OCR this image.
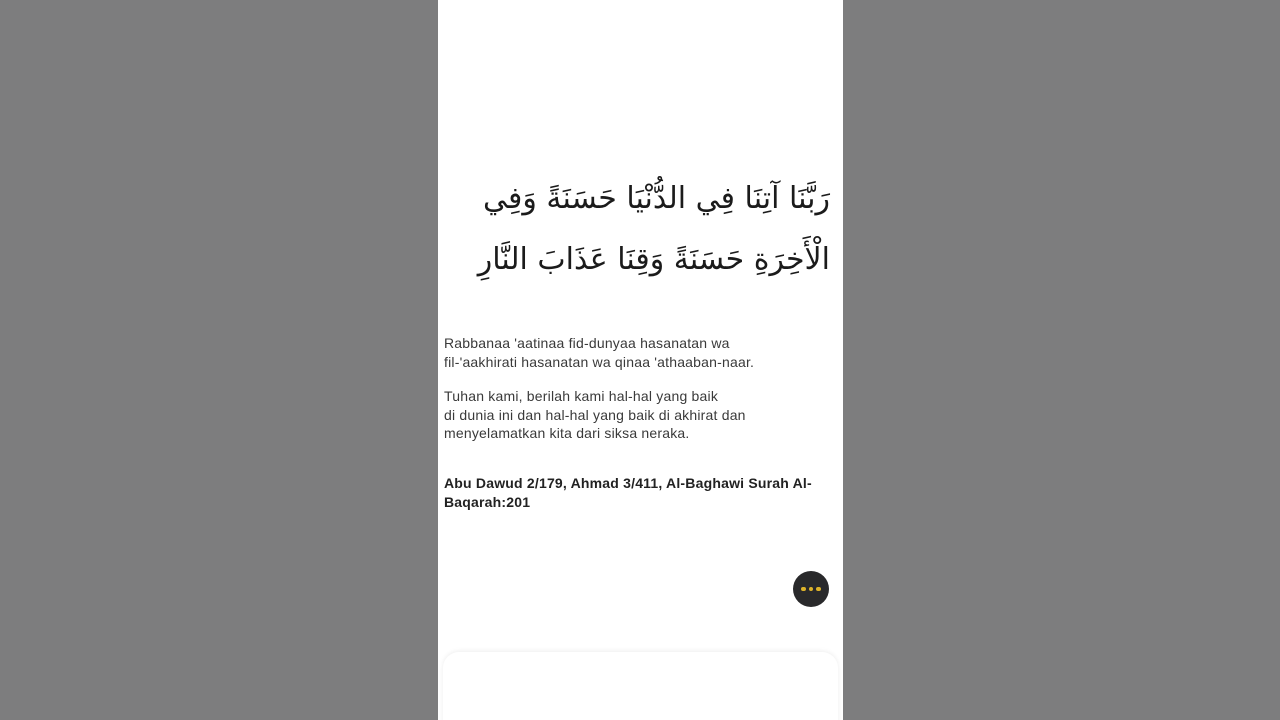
رَبَّنَا آتِنَا فِي الدُّنْيَا حَسَنَةً وَفِي
الْأَخِرَةِ حَسَنَةً وَقِنَا عَذَابَ النَّارِ
Rabbanaa 'aatinaa fid-dunyaa hasanatan wa
fil-'aakhirati hasanatan wa qinaa 'athaaban-naar.
Tuhan kami, berilah kami hal-hal yang baik
di dunia ini dan hal-hal yang baik di akhirat dan
menyelamatkan kita dari siksa neraka.
Abu Dawud 2/179, Ahmad 3/411, Al-Baghawi Surah Al-
Baqarah:201
